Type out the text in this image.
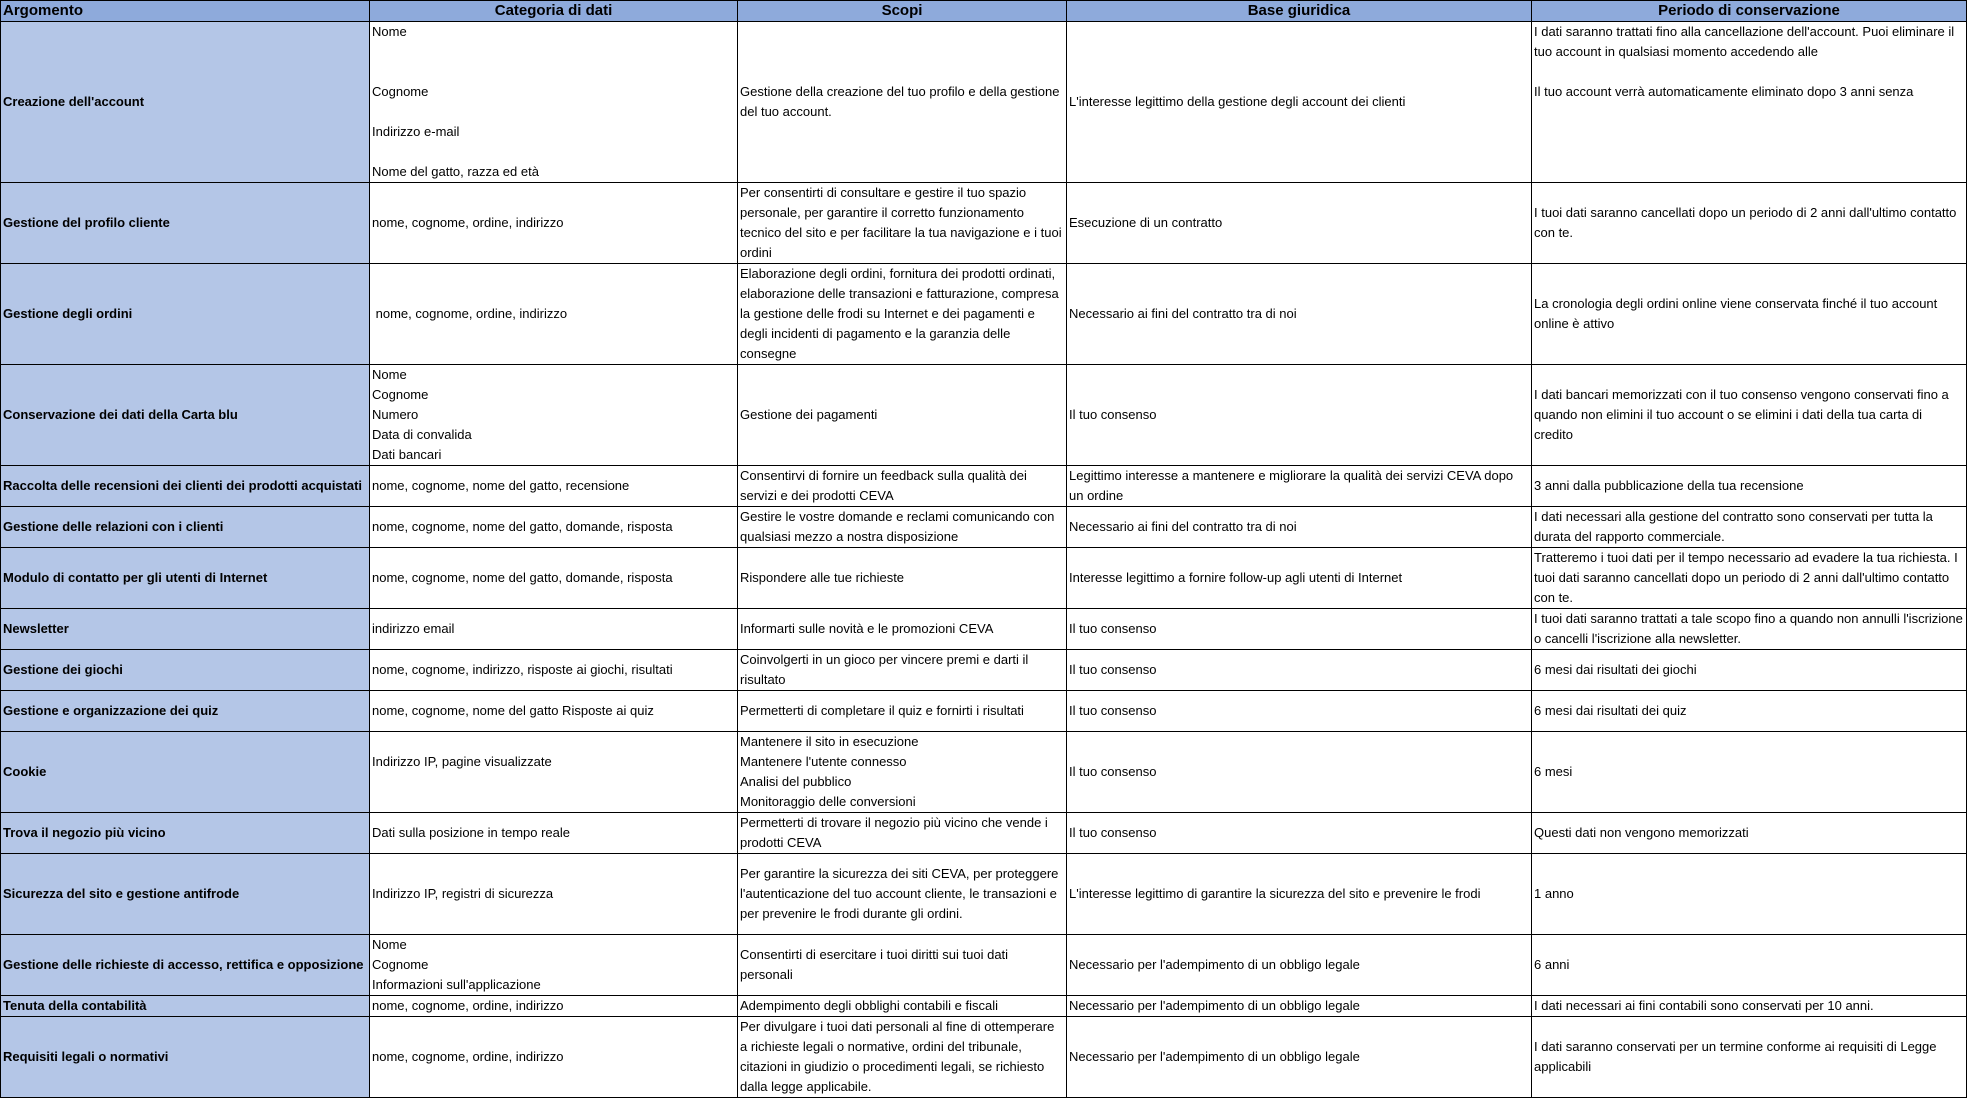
Argomento	Categoria di dati	Scopi	Base giuridica	Periodo di conservazione
Creazione dell'account	Nome
Cognome
Indirizzo e-mail
Nome del gatto, razza ed età	Gestione della creazione del tuo profilo e della gestione del tuo account.	L'interesse legittimo della gestione degli account dei clienti	I dati saranno trattati fino alla cancellazione dell'account. Puoi eliminare il tuo account in qualsiasi momento accedendo alle
Il tuo account verrà automaticamente eliminato dopo 3 anni senza

Gestione del profilo cliente	nome, cognome, ordine, indirizzo	Per consentirti di consultare e gestire il tuo spazio personale, per garantire il corretto funzionamento tecnico del sito e per facilitare la tua navigazione e i tuoi ordini	Esecuzione di un contratto	I tuoi dati saranno cancellati dopo un periodo di 2 anni dall'ultimo contatto con te.
Gestione degli ordini	nome, cognome, ordine, indirizzo	Elaborazione degli ordini, fornitura dei prodotti ordinati, elaborazione delle transazioni e fatturazione, compresa la gestione delle frodi su Internet e dei pagamenti e degli incidenti di pagamento e la garanzia delle consegne	Necessario ai fini del contratto tra di noi	La cronologia degli ordini online viene conservata finché il tuo account online è attivo
Conservazione dei dati della Carta blu	Nome
Cognome
Numero
Data di convalida
Dati bancari	Gestione dei pagamenti	Il tuo consenso	I dati bancari memorizzati con il tuo consenso vengono conservati fino a quando non elimini il tuo account o se elimini i dati della tua carta di credito
Raccolta delle recensioni dei clienti dei prodotti acquistati	nome, cognome, nome del gatto, recensione	Consentirvi di fornire un feedback sulla qualità dei servizi e dei prodotti CEVA	Legittimo interesse a mantenere e migliorare la qualità dei servizi CEVA dopo un ordine	3 anni dalla pubblicazione della tua recensione
Gestione delle relazioni con i clienti	nome, cognome, nome del gatto, domande, risposta	Gestire le vostre domande e reclami comunicando con qualsiasi mezzo a nostra disposizione	Necessario ai fini del contratto tra di noi	I dati necessari alla gestione del contratto sono conservati per tutta la durata del rapporto commerciale.
Modulo di contatto per gli utenti di Internet	nome, cognome, nome del gatto, domande, risposta	Rispondere alle tue richieste	Interesse legittimo a fornire follow-up agli utenti di Internet	Tratteremo i tuoi dati per il tempo necessario ad evadere la tua richiesta. I tuoi dati saranno cancellati dopo un periodo di 2 anni dall'ultimo contatto con te.
Newsletter	indirizzo email	Informarti sulle novità e le promozioni CEVA	Il tuo consenso	I tuoi dati saranno trattati a tale scopo fino a quando non annulli l'iscrizione o cancelli l'iscrizione alla newsletter.
Gestione dei giochi	nome, cognome, indirizzo, risposte ai giochi, risultati	Coinvolgerti in un gioco per vincere premi e darti il risultato	Il tuo consenso	6 mesi dai risultati dei giochi
Gestione e organizzazione dei quiz	nome, cognome, nome del gatto Risposte ai quiz	Permetterti di completare il quiz e fornirti i risultati	Il tuo consenso	6 mesi dai risultati dei quiz
Cookie	Indirizzo IP, pagine visualizzate	Mantenere il sito in esecuzione
Mantenere l'utente connesso
Analisi del pubblico
Monitoraggio delle conversioni	Il tuo consenso	6 mesi
Trova il negozio più vicino	Dati sulla posizione in tempo reale	Permetterti di trovare il negozio più vicino che vende i prodotti CEVA	Il tuo consenso	Questi dati non vengono memorizzati
Sicurezza del sito e gestione antifrode	Indirizzo IP, registri di sicurezza	Per garantire la sicurezza dei siti CEVA, per proteggere l'autenticazione del tuo account cliente, le transazioni e per prevenire le frodi durante gli ordini.	L'interesse legittimo di garantire la sicurezza del sito e prevenire le frodi	1 anno
Gestione delle richieste di accesso, rettifica e opposizione	Nome
Cognome
Informazioni sull'applicazione	Consentirti di esercitare i tuoi diritti sui tuoi dati personali	Necessario per l'adempimento di un obbligo legale	6 anni
Tenuta della contabilità	nome, cognome, ordine, indirizzo	Adempimento degli obblighi contabili e fiscali	Necessario per l'adempimento di un obbligo legale	I dati necessari ai fini contabili sono conservati per 10 anni.
Requisiti legali o normativi	nome, cognome, ordine, indirizzo	Per divulgare i tuoi dati personali al fine di ottemperare a richieste legali o normative, ordini del tribunale, citazioni in giudizio o procedimenti legali, se richiesto dalla legge applicabile.	Necessario per l'adempimento di un obbligo legale	I dati saranno conservati per un termine conforme ai requisiti di Legge applicabili
